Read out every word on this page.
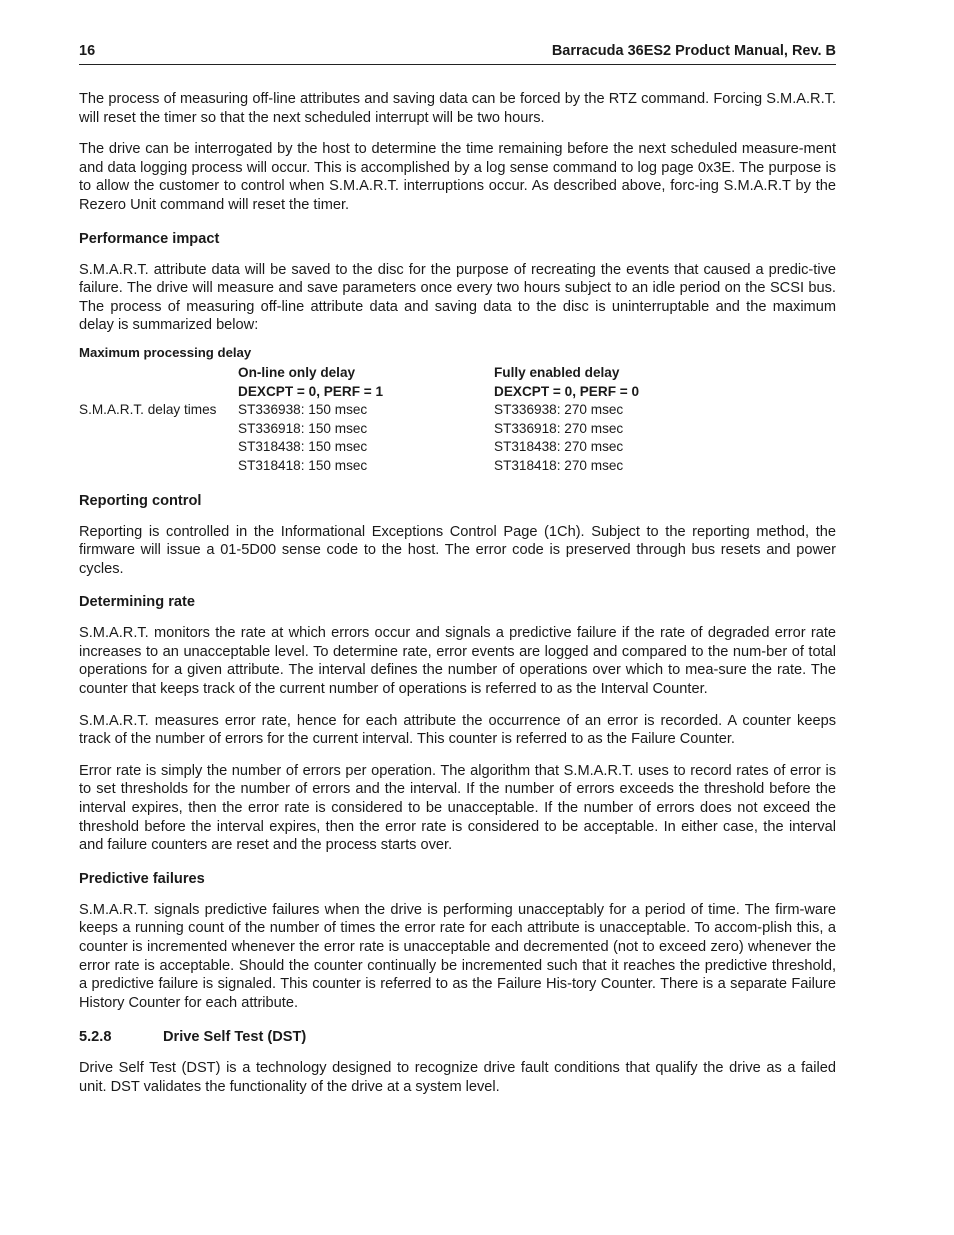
16	Barracuda 36ES2 Product Manual, Rev. B

The process of measuring off-line attributes and saving data can be forced by the RTZ command. Forcing S.M.A.R.T. will reset the timer so that the next scheduled interrupt will be two hours.

The drive can be interrogated by the host to determine the time remaining before the next scheduled measure-ment and data logging process will occur. This is accomplished by a log sense command to log page 0x3E. The purpose is to allow the customer to control when S.M.A.R.T. interruptions occur. As described above, forc-ing S.M.A.R.T by the Rezero Unit command will reset the timer.

Performance impact

S.M.A.R.T. attribute data will be saved to the disc for the purpose of recreating the events that caused a predic-tive failure. The drive will measure and save parameters once every two hours subject to an idle period on the SCSI bus. The process of measuring off-line attribute data and saving data to the disc is uninterruptable and the maximum delay is summarized below:

Maximum processing delay
	On-line only delay	Fully enabled delay
	DEXCPT = 0, PERF = 1	DEXCPT = 0, PERF = 0
S.M.A.R.T. delay times	ST336938: 150 msec	ST336938: 270 msec
	ST336918: 150 msec	ST336918: 270 msec
	ST318438: 150 msec	ST318438: 270 msec
	ST318418: 150 msec	ST318418: 270 msec
Reporting control

Reporting is controlled in the Informational Exceptions Control Page (1Ch). Subject to the reporting method, the firmware will issue a 01-5D00 sense code to the host. The error code is preserved through bus resets and power cycles.

Determining rate

S.M.A.R.T. monitors the rate at which errors occur and signals a predictive failure if the rate of degraded error rate increases to an unacceptable level. To determine rate, error events are logged and compared to the num-ber of total operations for a given attribute. The interval defines the number of operations over which to mea-sure the rate. The counter that keeps track of the current number of operations is referred to as the Interval Counter.

S.M.A.R.T. measures error rate, hence for each attribute the occurrence of an error is recorded. A counter keeps track of the number of errors for the current interval. This counter is referred to as the Failure Counter.

Error rate is simply the number of errors per operation. The algorithm that S.M.A.R.T. uses to record rates of error is to set thresholds for the number of errors and the interval. If the number of errors exceeds the threshold before the interval expires, then the error rate is considered to be unacceptable. If the number of errors does not exceed the threshold before the interval expires, then the error rate is considered to be acceptable. In either case, the interval and failure counters are reset and the process starts over.

Predictive failures

S.M.A.R.T. signals predictive failures when the drive is performing unacceptably for a period of time. The firm-ware keeps a running count of the number of times the error rate for each attribute is unacceptable. To accom-plish this, a counter is incremented whenever the error rate is unacceptable and decremented (not to exceed zero) whenever the error rate is acceptable. Should the counter continually be incremented such that it reaches the predictive threshold, a predictive failure is signaled. This counter is referred to as the Failure His-tory Counter. There is a separate Failure History Counter for each attribute.

5.2.8	Drive Self Test (DST)

Drive Self Test (DST) is a technology designed to recognize drive fault conditions that qualify the drive as a failed unit. DST validates the functionality of the drive at a system level.
